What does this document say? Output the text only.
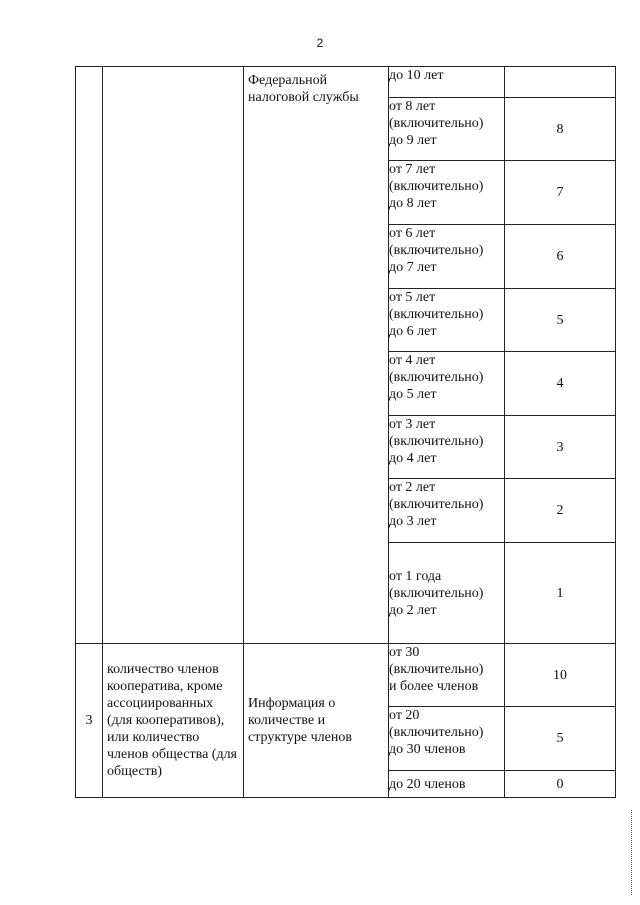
2

		Федеральной налоговой службы	до 10 лет	
			от 8 лет
(включительно)
до 9 лет	8
			от 7 лет
(включительно)
до 8 лет	7
			от 6 лет
(включительно)
до 7 лет	6
			от 5 лет
(включительно)
до 6 лет	5
			от 4 лет
(включительно)
до 5 лет	4
			от 3 лет
(включительно)
до 4 лет	3
			от 2 лет
(включительно)
до 3 лет	2
			от 1 года
(включительно)
до 2 лет	1
3	количество членов кооператива, кроме ассоциированных (для кооперативов), или количество членов общества (для обществ)	Информация о количестве и структуре членов	от 30
(включительно)
и более членов	10
			от 20
(включительно)
до 30 членов	5
			до 20 членов	0
